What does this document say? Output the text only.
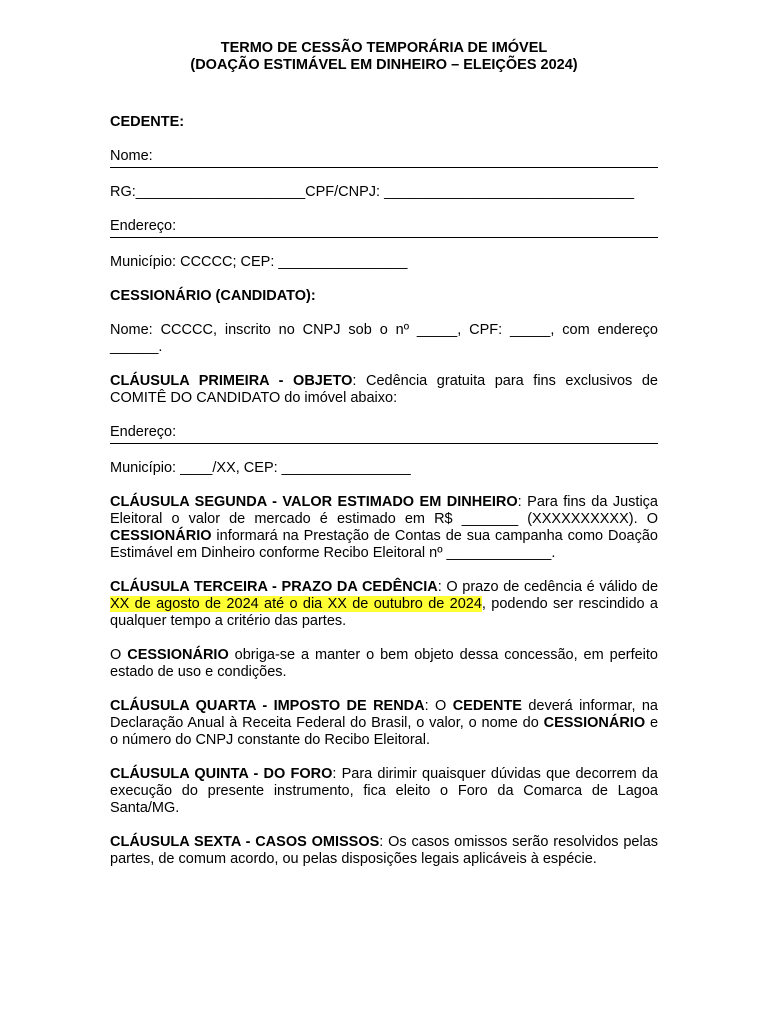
TERMO DE CESSÃO TEMPORÁRIA DE IMÓVEL
(DOAÇÃO ESTIMÁVEL EM DINHEIRO – ELEIÇÕES 2024)

CEDENTE:

Nome:

RG:_____________________CPF/CNPJ: _______________________________

Endereço:

Município: CCCCC; CEP: ________________

CESSIONÁRIO (CANDIDATO):

Nome: CCCCC, inscrito no CNPJ sob o nº _____, CPF: _____, com endereço ______.

CLÁUSULA PRIMEIRA - OBJETO: Cedência gratuita para fins exclusivos de COMITÊ DO CANDIDATO do imóvel abaixo:

Endereço:

Município: ____/XX, CEP: ________________

CLÁUSULA SEGUNDA - VALOR ESTIMADO EM DINHEIRO: Para fins da Justiça Eleitoral o valor de mercado é estimado em R$ _______ (XXXXXXXXXX). O CESSIONÁRIO informará na Prestação de Contas de sua campanha como Doação Estimável em Dinheiro conforme Recibo Eleitoral nº _____________.

CLÁUSULA TERCEIRA - PRAZO DA CEDÊNCIA: O prazo de cedência é válido de XX de agosto de 2024 até o dia XX de outubro de 2024, podendo ser rescindido a qualquer tempo a critério das partes.

O CESSIONÁRIO obriga-se a manter o bem objeto dessa concessão, em perfeito estado de uso e condições.

CLÁUSULA QUARTA - IMPOSTO DE RENDA: O CEDENTE deverá informar, na Declaração Anual à Receita Federal do Brasil, o valor, o nome do CESSIONÁRIO e o número do CNPJ constante do Recibo Eleitoral.

CLÁUSULA QUINTA - DO FORO: Para dirimir quaisquer dúvidas que decorrem da execução do presente instrumento, fica eleito o Foro da Comarca de Lagoa Santa/MG.

CLÁUSULA SEXTA - CASOS OMISSOS: Os casos omissos serão resolvidos pelas partes, de comum acordo, ou pelas disposições legais aplicáveis à espécie.
